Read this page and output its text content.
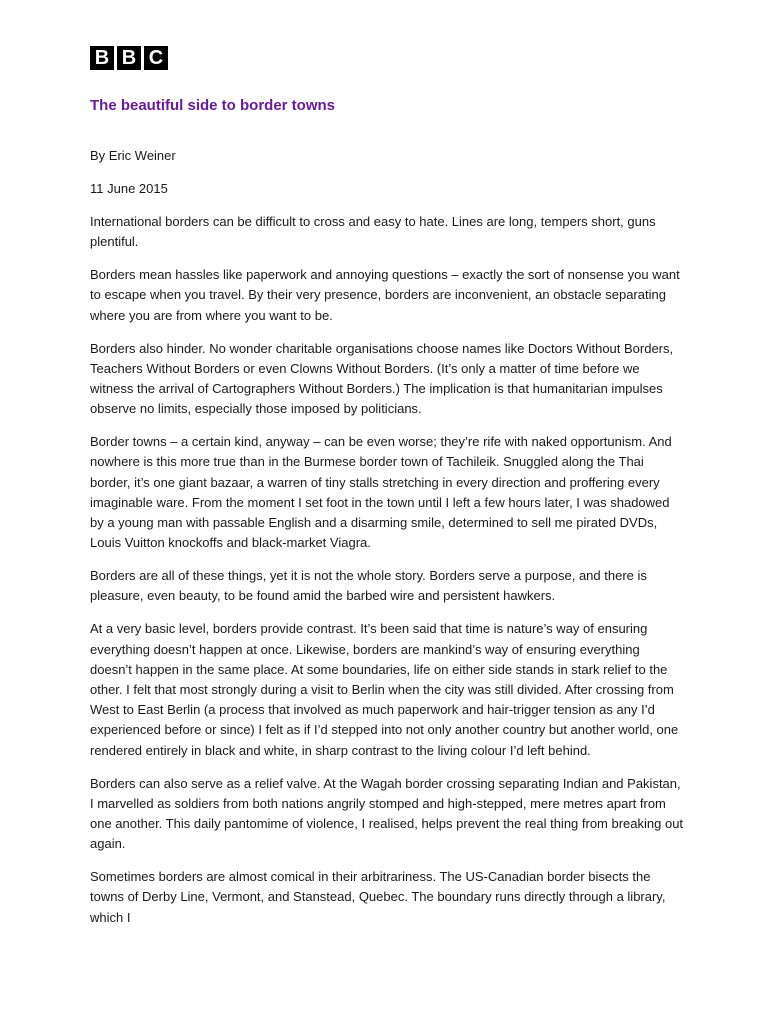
B B C
The beautiful side to border towns

By Eric Weiner

11 June 2015

International borders can be difficult to cross and easy to hate. Lines are long, tempers short, guns plentiful.

Borders mean hassles like paperwork and annoying questions – exactly the sort of nonsense you want to escape when you travel. By their very presence, borders are inconvenient, an obstacle separating where you are from where you want to be.

Borders also hinder. No wonder charitable organisations choose names like Doctors Without Borders, Teachers Without Borders or even Clowns Without Borders. (It’s only a matter of time before we witness the arrival of Cartographers Without Borders.) The implication is that humanitarian impulses observe no limits, especially those imposed by politicians.

Border towns – a certain kind, anyway – can be even worse; they’re rife with naked opportunism. And nowhere is this more true than in the Burmese border town of Tachileik. Snuggled along the Thai border, it’s one giant bazaar, a warren of tiny stalls stretching in every direction and proffering every imaginable ware. From the moment I set foot in the town until I left a few hours later, I was shadowed by a young man with passable English and a disarming smile, determined to sell me pirated DVDs, Louis Vuitton knockoffs and black-market Viagra.

Borders are all of these things, yet it is not the whole story. Borders serve a purpose, and there is pleasure, even beauty, to be found amid the barbed wire and persistent hawkers.

At a very basic level, borders provide contrast. It’s been said that time is nature’s way of ensuring everything doesn’t happen at once. Likewise, borders are mankind’s way of ensuring everything doesn’t happen in the same place. At some boundaries, life on either side stands in stark relief to the other. I felt that most strongly during a visit to Berlin when the city was still divided. After crossing from West to East Berlin (a process that involved as much paperwork and hair-trigger tension as any I’d experienced before or since) I felt as if I’d stepped into not only another country but another world, one rendered entirely in black and white, in sharp contrast to the living colour I’d left behind.

Borders can also serve as a relief valve. At the Wagah border crossing separating Indian and Pakistan, I marvelled as soldiers from both nations angrily stomped and high-stepped, mere metres apart from one another. This daily pantomime of violence, I realised, helps prevent the real thing from breaking out again.

Sometimes borders are almost comical in their arbitrariness. The US-Canadian border bisects the towns of Derby Line, Vermont, and Stanstead, Quebec. The boundary runs directly through a library, which I
